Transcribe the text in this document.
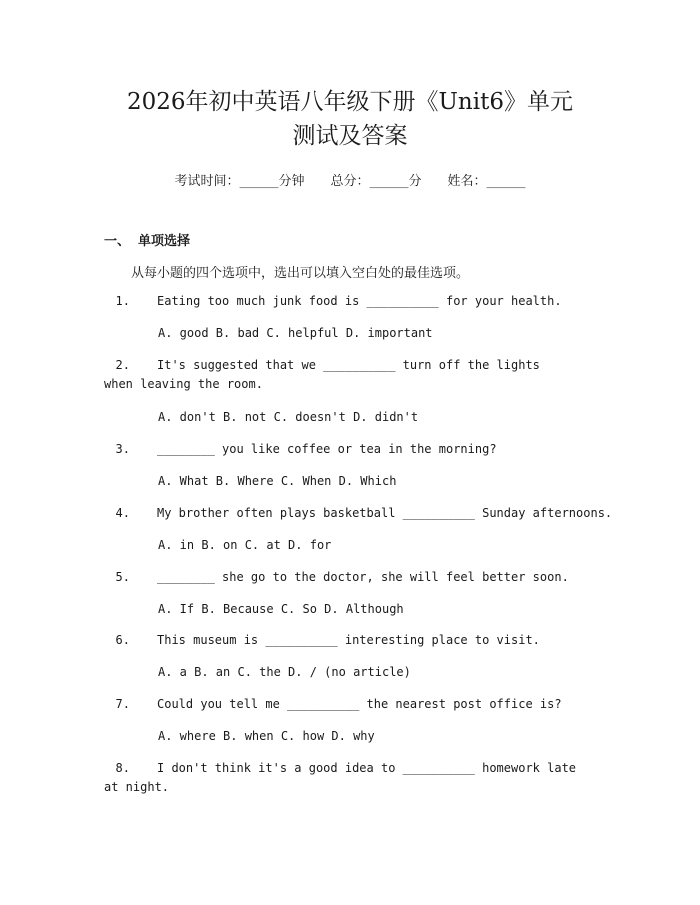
2026年初中英语八年级下册《Unit6》单元
测试及答案
考试时间：______分钟 总分：______分 姓名：______
一、 单项选择
从每小题的四个选项中，选出可以填入空白处的最佳选项。
1. Eating too much junk food is __________ for your health.
A. good B. bad C. helpful D. important
2. It's suggested that we __________ turn off the lights when leaving the room.
A. don't B. not C. doesn't D. didn't
3. ________ you like coffee or tea in the morning?
A. What B. Where C. When D. Which
4. My brother often plays basketball __________ Sunday afternoons.
A. in B. on C. at D. for
5. ________ she go to the doctor, she will feel better soon.
A. If B. Because C. So D. Although
6. This museum is __________ interesting place to visit.
A. a B. an C. the D. / (no article)
7. Could you tell me __________ the nearest post office is?
A. where B. when C. how D. why
8. I don't think it's a good idea to __________ homework late at night.
